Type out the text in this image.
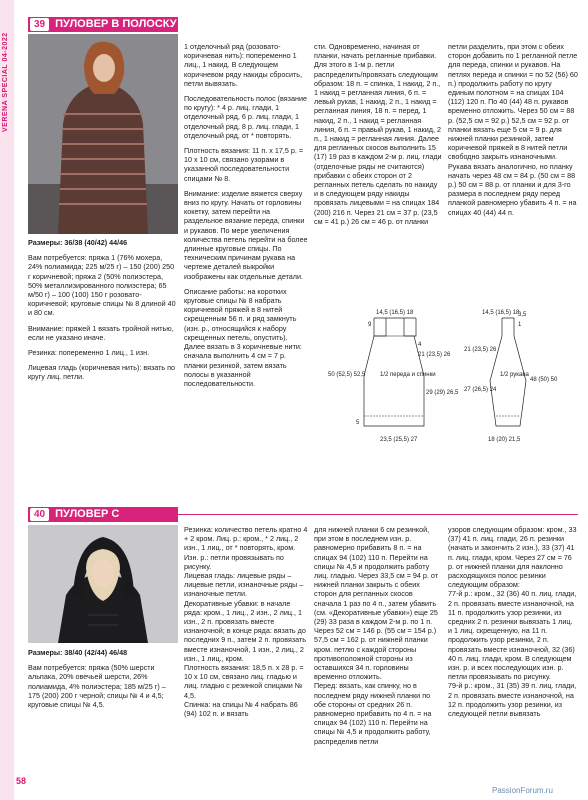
VERENA SPECIAL 04-2022
58
39 ПУЛОВЕР В ПОЛОСКУ

Размеры: 36/38 (40/42) 44/46

Вам потребуется: пряжа 1 (76% мохера, 24% полиамида; 225 м/25 г) – 150 (200) 250 г коричневой; пряжа 2 (50% полиэстера, 50% металлизированного полиэстера; 65 м/50 г) – 100 (100) 150 г розовато-коричневой; круговые спицы № 8 длиной 40 и 80 см.

Внимание: пряжей 1 вязать тройной нитью, если не указано иначе.

Резинка: попеременно 1 лиц., 1 изн.

Лицевая гладь (коричневая нить): вязать по кругу лиц. петли.

1 отделочный ряд (розовато-коричневая нить): попеременно 1 лиц., 1 накид. В следующем коричневом ряду накиды сбросить, петли вывязать.

Последовательность полос (вязание по кругу): * 4 р. лиц. глади, 1 отделочный ряд, 6 р. лиц. глади, 1 отделочный ряд, 8 р. лиц. глади, 1 отделочный ряд, от * повторять.

Плотность вязания: 11 п. x 17,5 р. = 10 x 10 см, связано узорами в указанной последовательности спицами № 8.

Внимание: изделие вяжется сверху вниз по кругу. Начать от горловины кокетку, затем перейти на раздельное вязание переда, спинки и рукавов. По мере увеличения количества петель перейти на более длинные круговые спицы. По техническим причинам рукава на чертеже деталей выкройки изображены как отдельные детали.

Описание работы: на коротких круговые спицы № 8 набрать коричневой пряжей в 8 нитей скрещенным 56 п. и ряд замкнуть (изн. р., относящийся к набору скрещенных петель, опустить). Далее вязать в 3 коричневые нити: сначала выполнить 4 см = 7 р. планки резинкой, затем вязать полосы в указанной последовательности.

сти. Одновременно, начиная от планки, начать регланные прибавки. Для этого в 1-м р. петли распределить/провязать следующим образом: 18 п. = спинка, 1 накид, 2 п., 1 накид = регланная линия, 6 п. = левый рукав, 1 накид, 2 п., 1 накид = регланная линия, 18 п. = перед, 1 накид, 2 п., 1 накид = регланная линия, 6 п. = правый рукав, 1 накид, 2 п., 1 накид = регланная линия. Далее для регланных скосов выполнить 15 (17) 19 раз в каждом 2-м р. лиц. глади (отделочные ряды не считаются) прибавки с обеих сторон от 2 регланных петель сделать по накиду и в следующем ряду накиды провязать лицевыми = на спицах 184 (200) 216 п. Через 21 см = 37 р. (23,5 см = 41 р.) 26 см = 46 р. от планки

петли разделить, при этом с обеих сторон добавить по 1 регланной петле для переда, спинки и рукавов. На петлях переда и спинки = по 52 (56) 60 п.) продолжить работу по кругу единым полотном = на спицах 104 (112) 120 п. По 40 (44) 48 п. рукавов временно отложить. Через 50 см = 88 р. (52,5 см = 92 р.) 52,5 см = 92 р. от планки вязать еще 5 см = 9 р. для нижней планки резинкой, затем коричневой пряжей в 8 нитей петли свободно закрыть изнаночными. Рукава вязать аналогично, но планку начать через 48 см = 84 р. (50 см = 88 р.) 50 см = 88 р. от планки и для 3-го размера в последнем ряду перед планкой равномерно убавить 4 п. = на спицах 40 (44) 44 п.

14,5 (16,5) 18
9
4
21 (23,5) 26
50 (52,5) 52,5 1/2 переда и спинки
29 (29) 26,5
5
23,5 (25,5) 27
14,5 (16,5) 18
3,5
1
21 (23,5) 26
1/2 рукава
27 (26,5) 24
48 (50) 50
18 (20) 21,5
40 ПУЛОВЕР С

Размеры: 38/40 (42/44) 46/48

Вам потребуется: пряжа (50% шерсти альпака, 20% овечьей шерсти, 26% полиамида, 4% полиэстера; 185 м/25 г) – 175 (200) 200 г черной; спицы № 4 и 4,5; круговые спицы № 4,5.

Резинка: количество петель кратно 4 + 2 кром. Лиц. р.: кром., * 2 лиц., 2 изн., 1 лиц., от * повторять, кром. Изн. р.: петли провязывать по рисунку.
Лицевая гладь: лицевые ряды – лицевые петли, изнаночные ряды – изнаночные петли.
Декоративные убавки: в начале ряда: кром., 1 лиц., 2 изн., 2 лиц., 1 изн., 2 п. провязать вместе изнаночной; в конце ряда: вязать до последних 9 п., затем 2 п. провязать вместе изнаночной, 1 изн., 2 лиц., 2 изн., 1 лиц., кром.
Плотность вязания: 18,5 п. x 28 р. = 10 x 10 см, связано лиц. гладью и лиц. гладью с резинкой спицами № 4,5.
Спинка: на спицы № 4 набрать 86 (94) 102 п. и вязать
для нижней планки 6 см резинкой, при этом в последнем изн. р. равномерно прибавить 8 п. = на спицах 94 (102) 110 п. Перейти на спицы № 4,5 и продолжить работу лиц. гладью. Через 33,5 см = 94 р. от нижней планки закрыть с обеих сторон для регланных скосов сначала 1 раз по 4 п., затем убавить (см. «Декоративные убавки») еще 25 (29) 33 раза в каждом 2-м р. по 1 п. Через 52 см = 146 р. (55 см = 154 р.) 57,5 см = 162 р. от нижней планки кром. петлю с каждой стороны противоположной стороны из оставшихся 34 п. горловины временно отложить.
Перед: вязать, как спинку, но в последнем ряду нижней планки по обе стороны от средних 26 п. равномерно прибавить по 4 п. = на спицах 94 (102) 110 п. Перейти на спицы № 4,5 и продолжить работу, распределив петли
узоров следующим образом: кром., 33 (37) 41 п. лиц. глади, 26 п. резинки (начать и закончить 2 изн.), 33 (37) 41 п. лиц. глади, кром. Через 27 см = 76 р. от нижней планки для наклонно расходящихся полос резинки следующим образом:
77-й р.: кром., 32 (36) 40 п. лиц. глади, 2 п. провязать вместе изнаночной, на 11 п. продолжить узор резинки, из средних 2 п. резинки вывязать 1 лиц. и 1 лиц. скрещенную, на 11 п. продолжить узор резинки, 2 п. провязать вместе изнаночной, 32 (36) 40 п. лиц. глади, кром. В следующем изн. р. и всех последующих изн. р. петли провязывать по рисунку.
79-й р.: кром., 31 (35) 39 п. лиц. глади, 2 п. провязать вместе изнаночной, на 12 п. продолжить узор резинки, из следующей петли вывязать
PassionForum.ru
